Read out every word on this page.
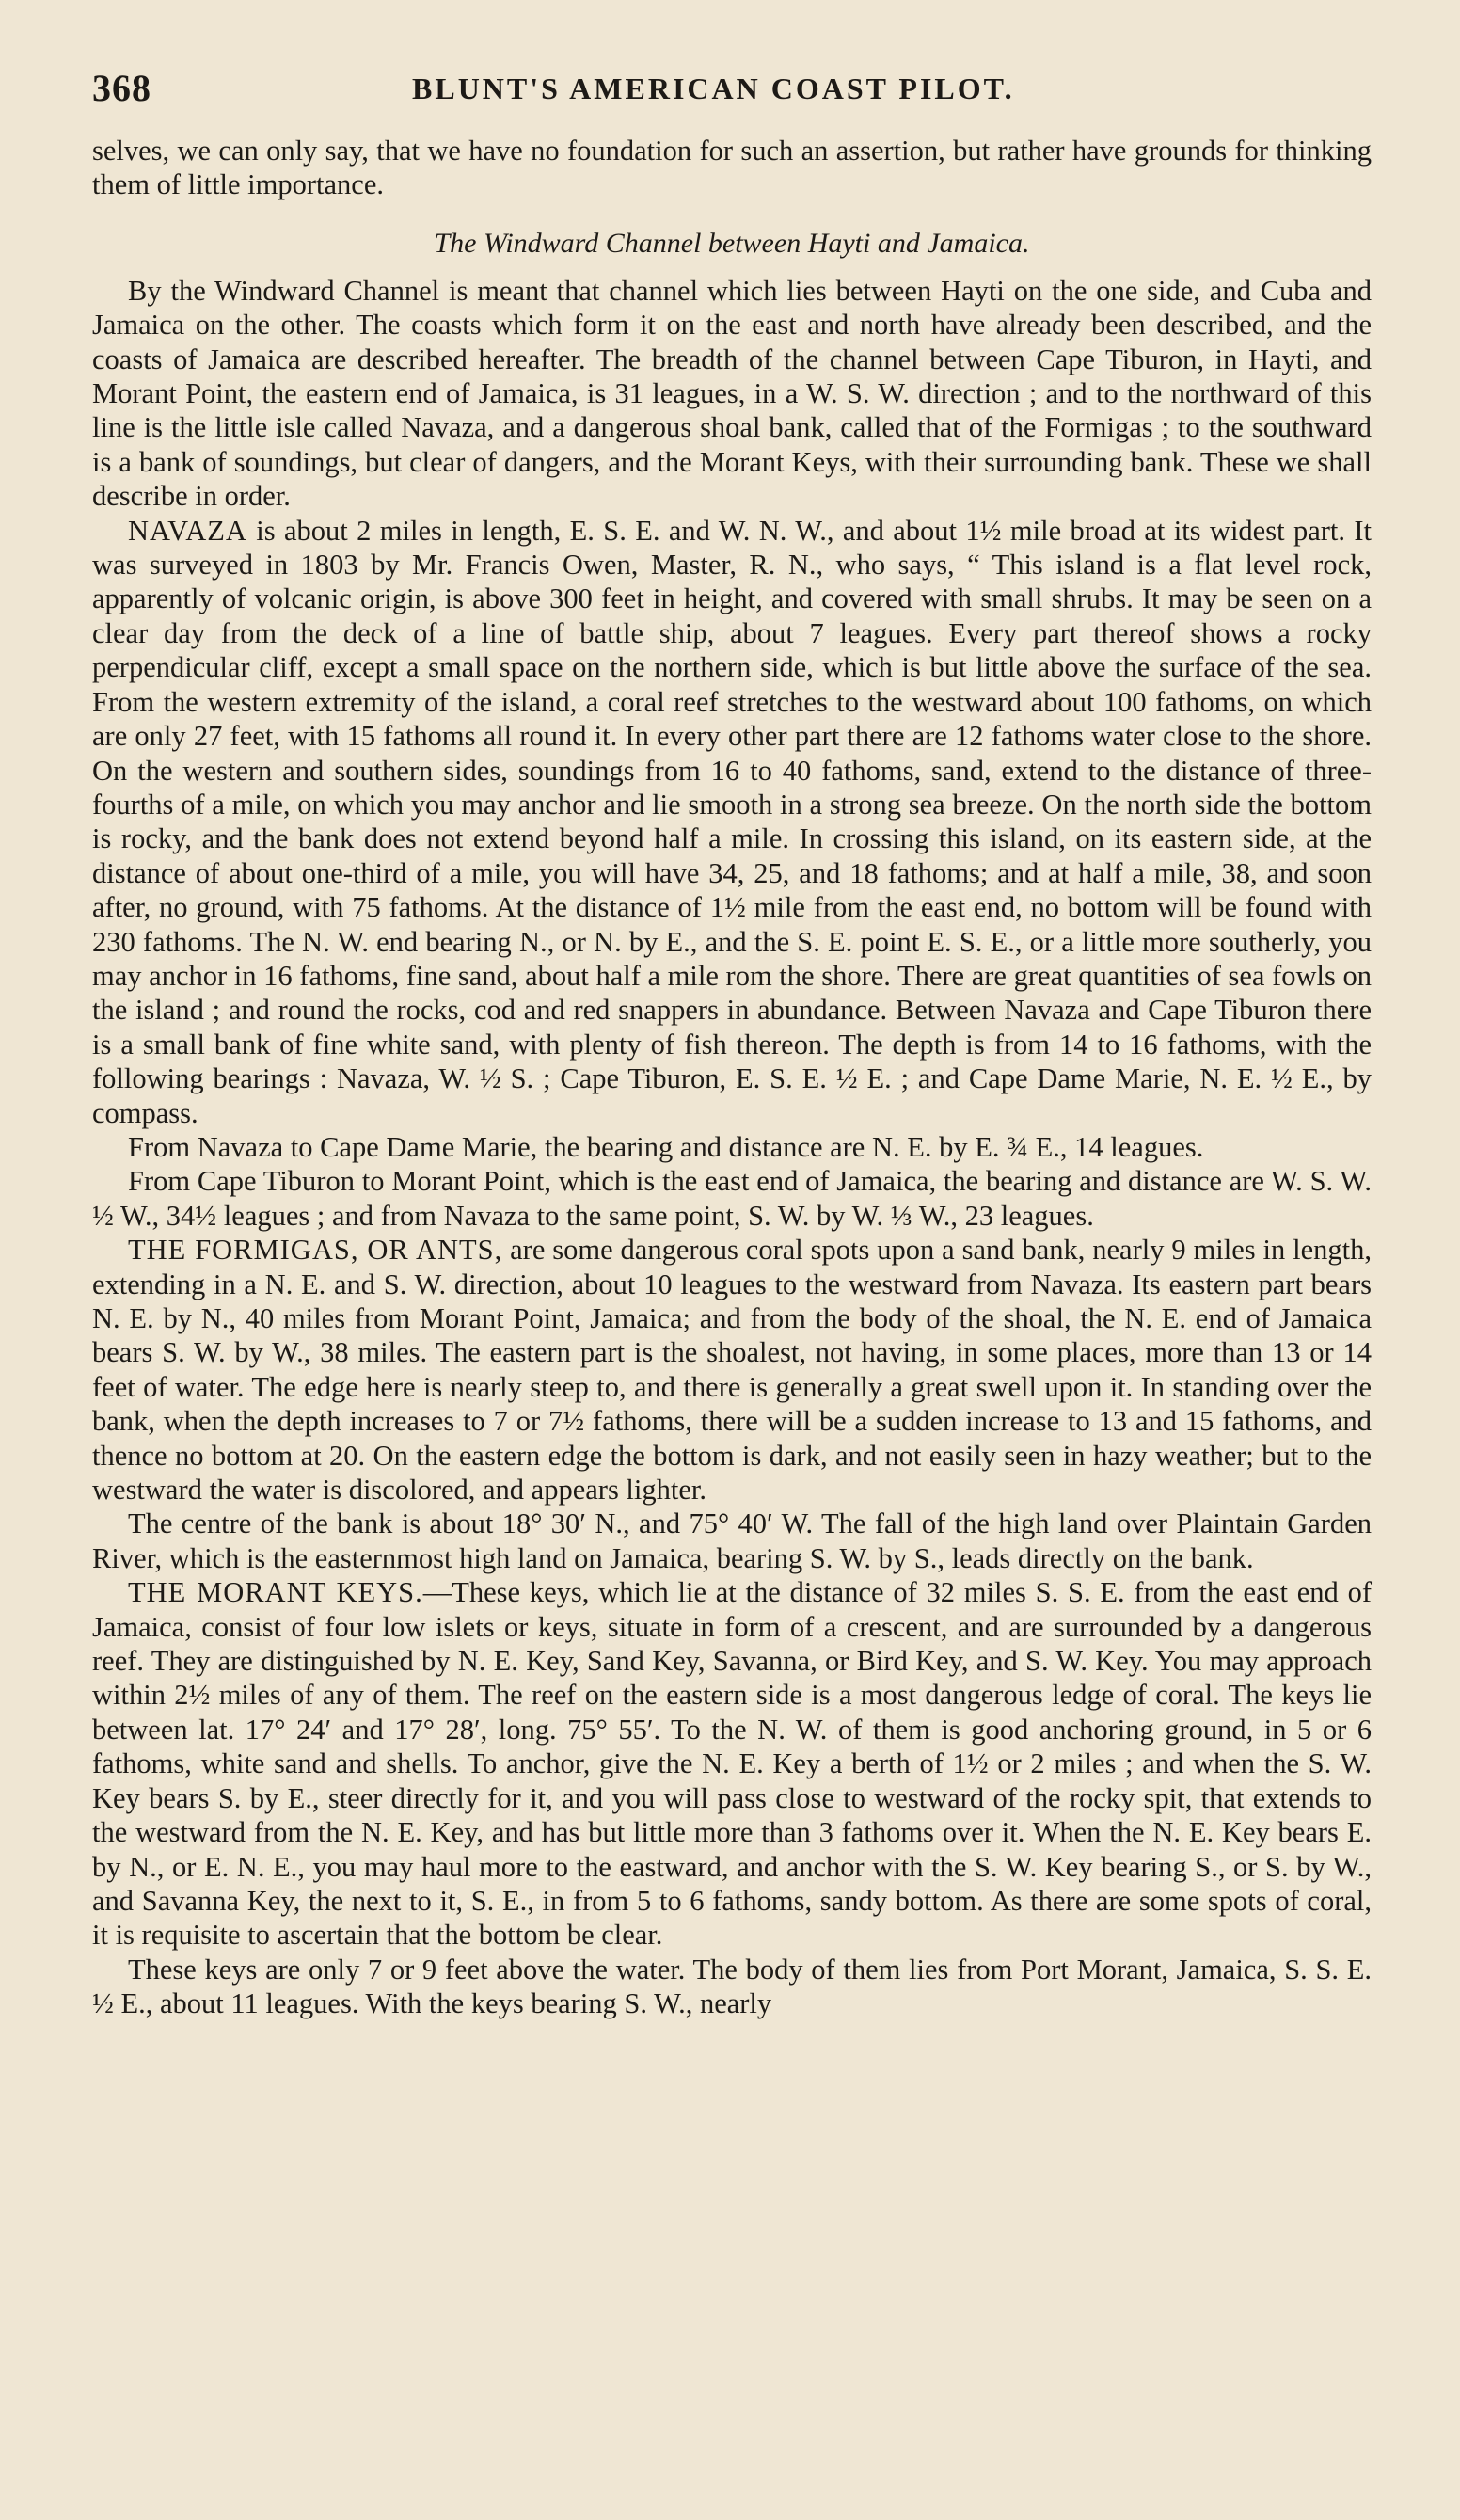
368	BLUNT'S AMERICAN COAST PILOT.

selves, we can only say, that we have no foundation for such an assertion, but rather have grounds for thinking them of little importance.

The Windward Channel between Hayti and Jamaica.

By the Windward Channel is meant that channel which lies between Hayti on the one side, and Cuba and Jamaica on the other. The coasts which form it on the east and north have already been described, and the coasts of Jamaica are described hereafter. The breadth of the channel between Cape Tiburon, in Hayti, and Morant Point, the eastern end of Jamaica, is 31 leagues, in a W. S. W. direction ; and to the northward of this line is the little isle called Navaza, and a dangerous shoal bank, called that of the Formigas ; to the southward is a bank of soundings, but clear of dangers, and the Morant Keys, with their surrounding bank. These we shall describe in order.

NAVAZA is about 2 miles in length, E. S. E. and W. N. W., and about 1½ mile broad at its widest part. It was surveyed in 1803 by Mr. Francis Owen, Master, R. N., who says, “ This island is a flat level rock, apparently of volcanic origin, is above 300 feet in height, and covered with small shrubs. It may be seen on a clear day from the deck of a line of battle ship, about 7 leagues. Every part thereof shows a rocky perpendicular cliff, except a small space on the northern side, which is but little above the surface of the sea. From the western extremity of the island, a coral reef stretches to the westward about 100 fathoms, on which are only 27 feet, with 15 fathoms all round it. In every other part there are 12 fathoms water close to the shore. On the western and southern sides, soundings from 16 to 40 fathoms, sand, extend to the distance of three-fourths of a mile, on which you may anchor and lie smooth in a strong sea breeze. On the north side the bottom is rocky, and the bank does not extend beyond half a mile. In crossing this island, on its eastern side, at the distance of about one-third of a mile, you will have 34, 25, and 18 fathoms; and at half a mile, 38, and soon after, no ground, with 75 fathoms. At the distance of 1½ mile from the east end, no bottom will be found with 230 fathoms. The N. W. end bearing N., or N. by E., and the S. E. point E. S. E., or a little more southerly, you may anchor in 16 fathoms, fine sand, about half a mile rom the shore. There are great quantities of sea fowls on the island ; and round the rocks, cod and red snappers in abundance. Between Navaza and Cape Tiburon there is a small bank of fine white sand, with plenty of fish thereon. The depth is from 14 to 16 fathoms, with the following bearings : Navaza, W. ½ S. ; Cape Tiburon, E. S. E. ½ E. ; and Cape Dame Marie, N. E. ½ E., by compass.

From Navaza to Cape Dame Marie, the bearing and distance are N. E. by E. ¾ E., 14 leagues.

From Cape Tiburon to Morant Point, which is the east end of Jamaica, the bearing and distance are W. S. W. ½ W., 34½ leagues ; and from Navaza to the same point, S. W. by W. ⅓ W., 23 leagues.

THE FORMIGAS, OR ANTS, are some dangerous coral spots upon a sand bank, nearly 9 miles in length, extending in a N. E. and S. W. direction, about 10 leagues to the westward from Navaza. Its eastern part bears N. E. by N., 40 miles from Morant Point, Jamaica; and from the body of the shoal, the N. E. end of Jamaica bears S. W. by W., 38 miles. The eastern part is the shoalest, not having, in some places, more than 13 or 14 feet of water. The edge here is nearly steep to, and there is generally a great swell upon it. In standing over the bank, when the depth increases to 7 or 7½ fathoms, there will be a sudden increase to 13 and 15 fathoms, and thence no bottom at 20. On the eastern edge the bottom is dark, and not easily seen in hazy weather; but to the westward the water is discolored, and appears lighter.

The centre of the bank is about 18° 30′ N., and 75° 40′ W. The fall of the high land over Plaintain Garden River, which is the easternmost high land on Jamaica, bearing S. W. by S., leads directly on the bank.

THE MORANT KEYS.—These keys, which lie at the distance of 32 miles S. S. E. from the east end of Jamaica, consist of four low islets or keys, situate in form of a crescent, and are surrounded by a dangerous reef. They are distinguished by N. E. Key, Sand Key, Savanna, or Bird Key, and S. W. Key. You may approach within 2½ miles of any of them. The reef on the eastern side is a most dangerous ledge of coral. The keys lie between lat. 17° 24′ and 17° 28′, long. 75° 55′. To the N. W. of them is good anchoring ground, in 5 or 6 fathoms, white sand and shells. To anchor, give the N. E. Key a berth of 1½ or 2 miles ; and when the S. W. Key bears S. by E., steer directly for it, and you will pass close to westward of the rocky spit, that extends to the westward from the N. E. Key, and has but little more than 3 fathoms over it. When the N. E. Key bears E. by N., or E. N. E., you may haul more to the eastward, and anchor with the S. W. Key bearing S., or S. by W., and Savanna Key, the next to it, S. E., in from 5 to 6 fathoms, sandy bottom. As there are some spots of coral, it is requisite to ascertain that the bottom be clear.

These keys are only 7 or 9 feet above the water. The body of them lies from Port Morant, Jamaica, S. S. E. ½ E., about 11 leagues. With the keys bearing S. W., nearly
